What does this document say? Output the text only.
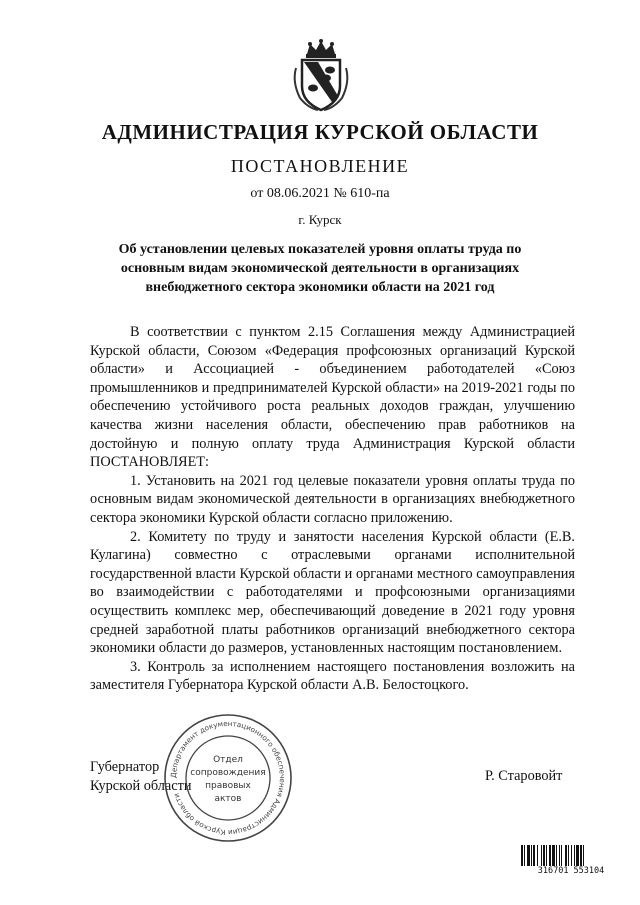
АДМИНИСТРАЦИЯ КУРСКОЙ ОБЛАСТИ
ПОСТАНОВЛЕНИЕ
от 08.06.2021 № 610-па
г. Курск
Об установлении целевых показателей уровня оплаты труда по основным видам экономической деятельности в организациях внебюджетного сектора экономики области на 2021 год

В соответствии с пунктом 2.15 Соглашения между Администрацией Курской области, Союзом «Федерация профсоюзных организаций Курской области» и Ассоциацией - объединением работодателей «Союз промышленников и предпринимателей Курской области» на 2019-2021 годы по обеспечению устойчивого роста реальных доходов граждан, улучшению качества жизни населения области, обеспечению прав работников на достойную и полную оплату труда Администрация Курской области ПОСТАНОВЛЯЕТ:

1. Установить на 2021 год целевые показатели уровня оплаты труда по основным видам экономической деятельности в организациях внебюджетного сектора экономики Курской области согласно приложению.

2. Комитету по труду и занятости населения Курской области (Е.В. Кулагина) совместно с отраслевыми органами исполнительной государственной власти Курской области и органами местного самоуправления во взаимодействии с работодателями и профсоюзными организациями осуществить комплекс мер, обеспечивающий доведение в 2021 году уровня средней заработной платы работников организаций внебюджетного сектора экономики области до размеров, установленных настоящим постановлением.

3. Контроль за исполнением настоящего постановления возложить на заместителя Губернатора Курской области А.В. Белостоцкого.

Губернатор
Курской области
Р. Старовойт
Департамент документационного обеспечения Администрации Курской области
Отдел
сопровождения
правовых
актов
316701 553104
